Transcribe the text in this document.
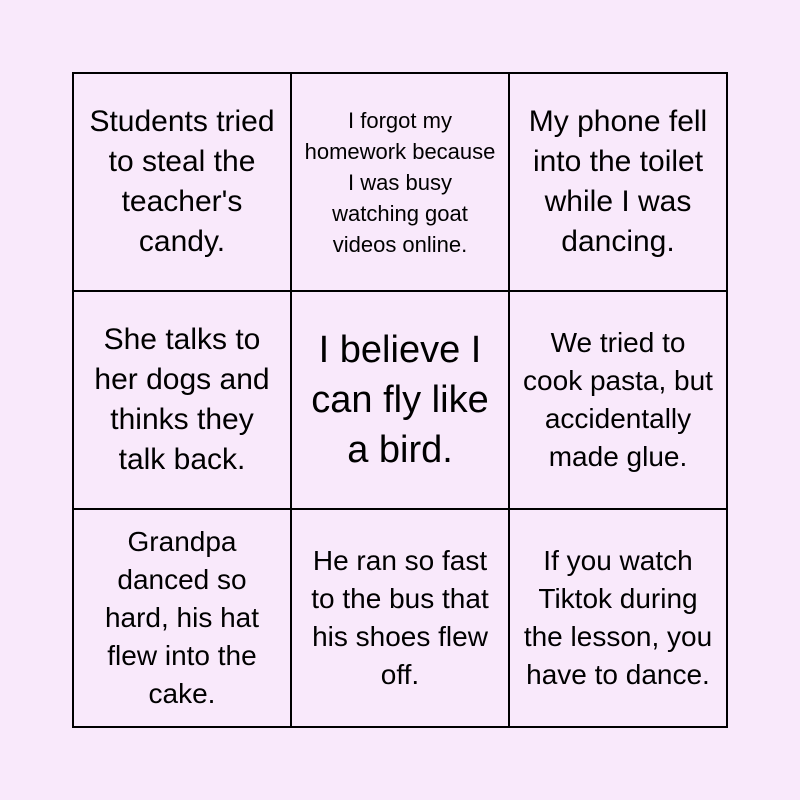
Students tried to steal the teacher's candy.
I forgot my homework because I was busy watching goat videos online.
My phone fell into the toilet while I was dancing.
She talks to her dogs and thinks they talk back.
I believe I can fly like a bird.
We tried to cook pasta, but accidentally made glue.
Grandpa danced so hard, his hat flew into the cake.
He ran so fast to the bus that his shoes flew off.
If you watch Tiktok during the lesson, you have to dance.
